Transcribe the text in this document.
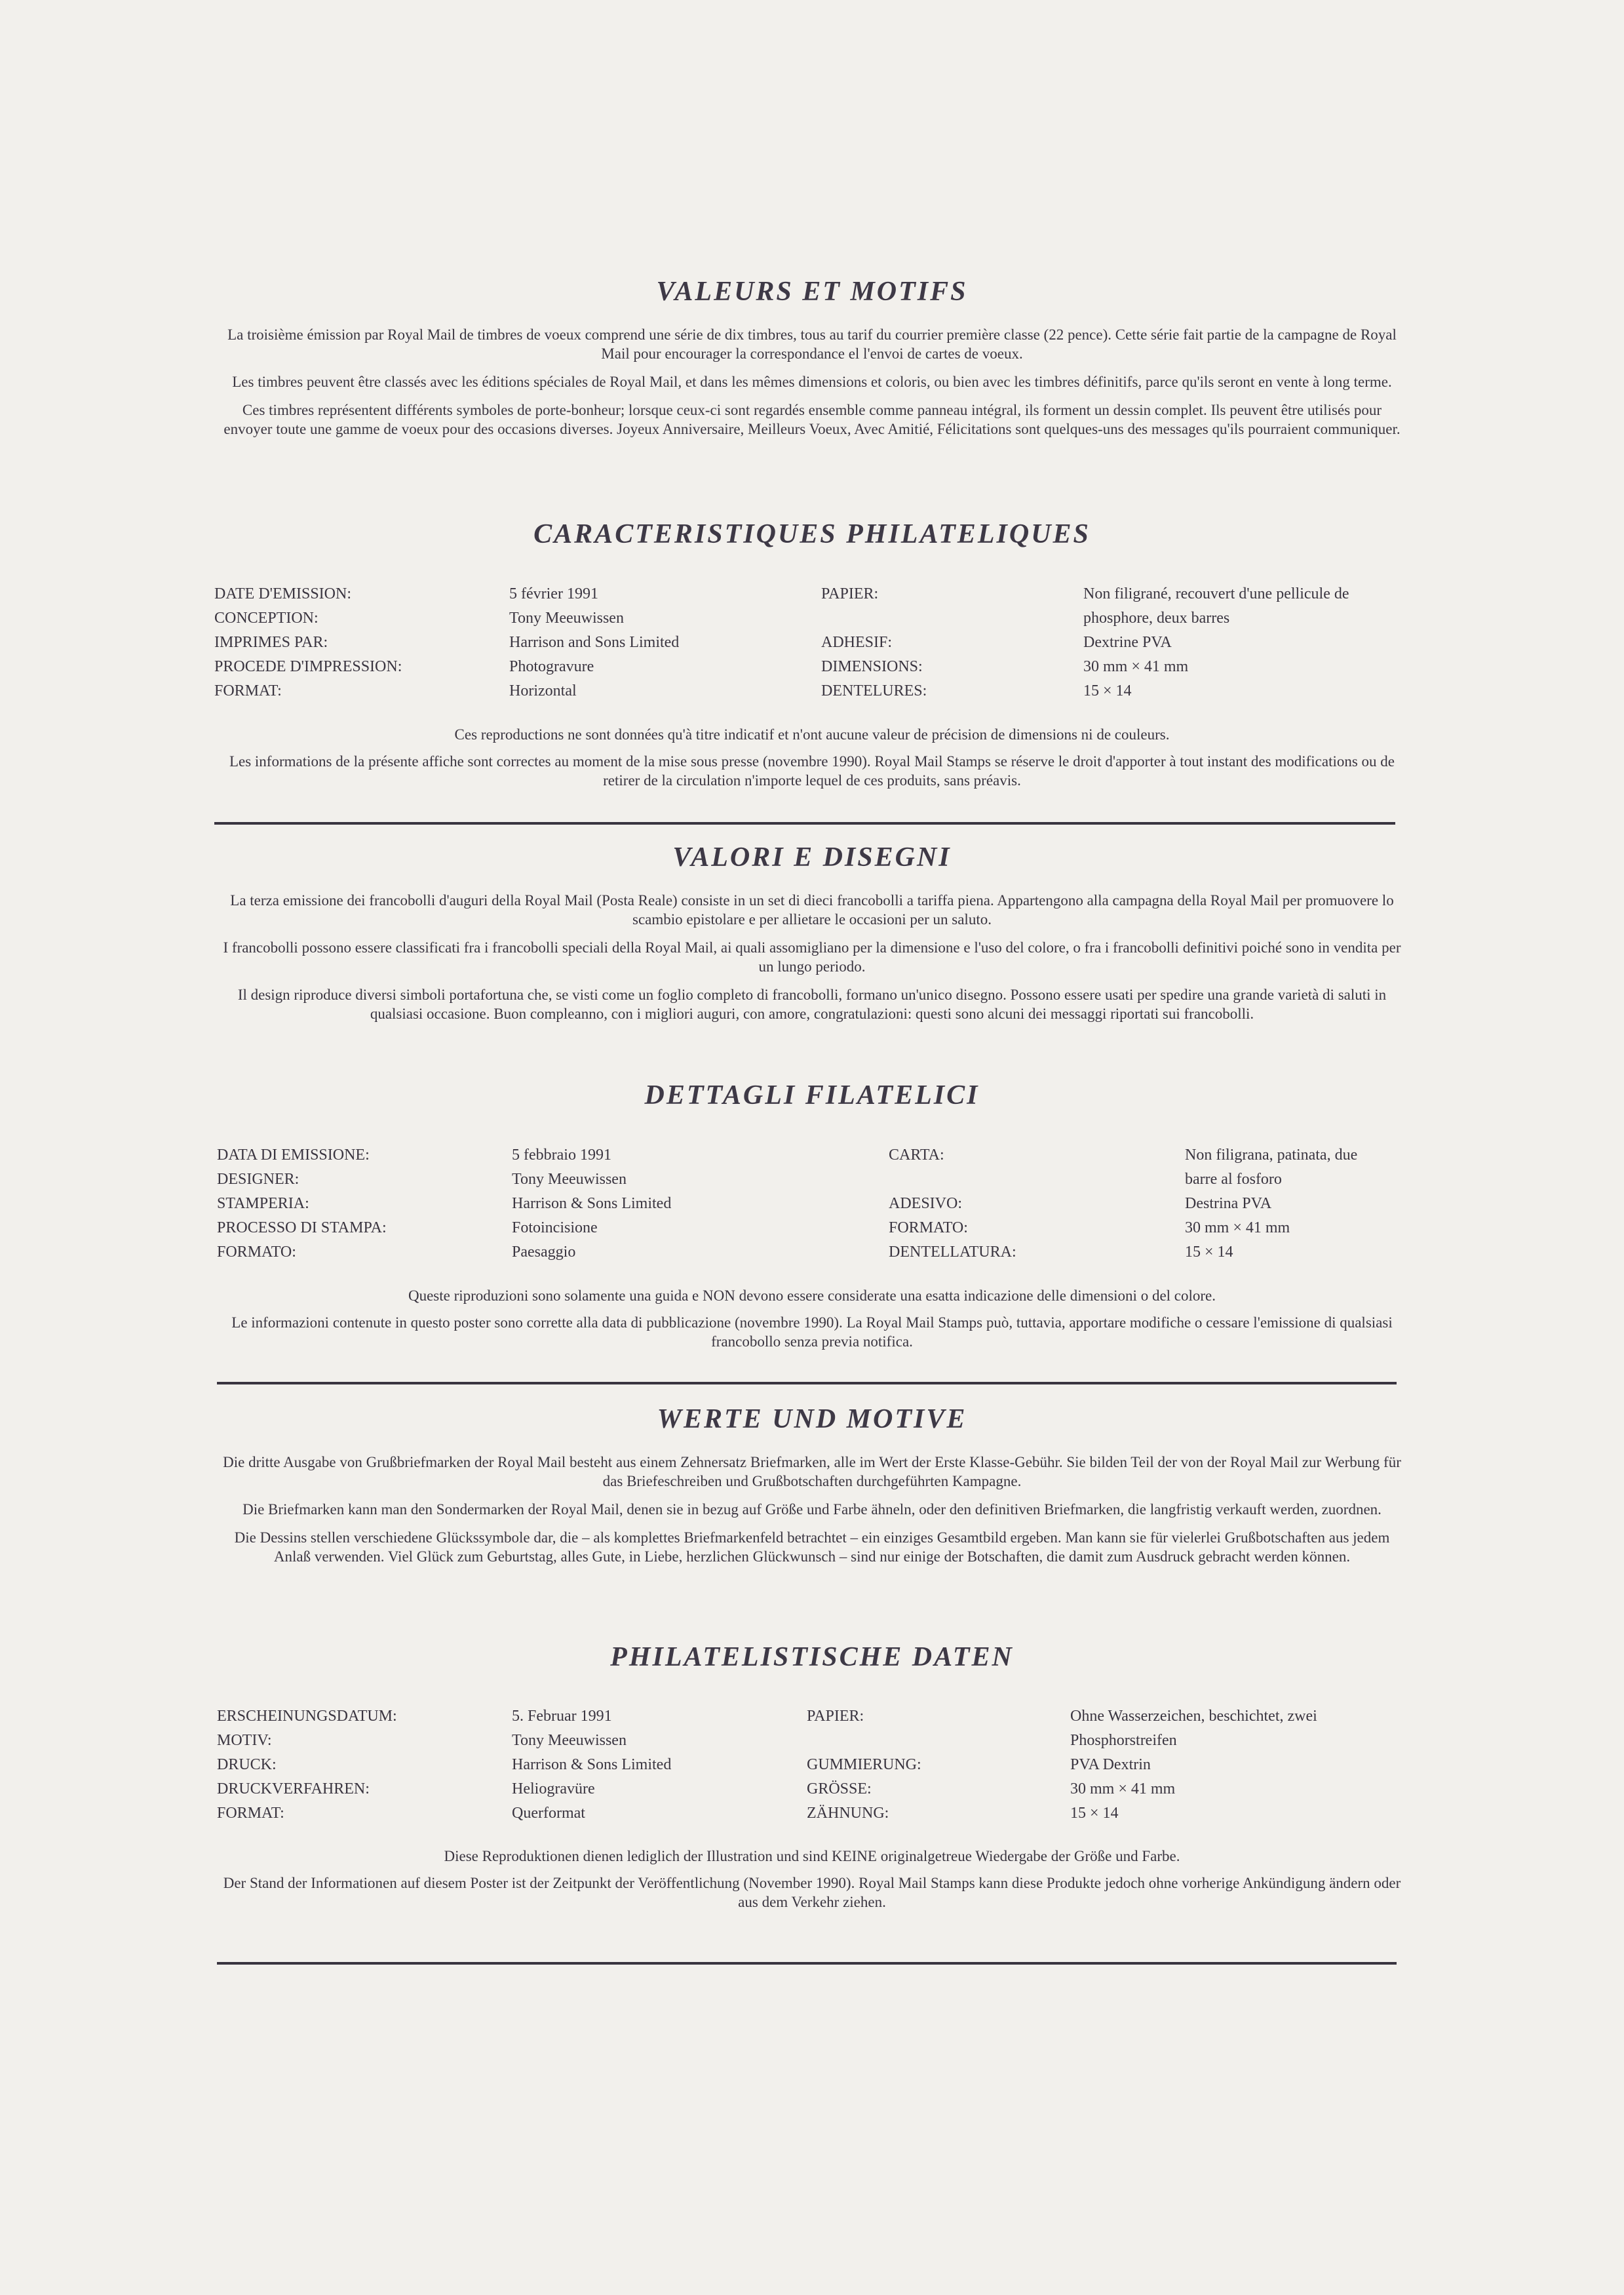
VALEURS ET MOTIFS

La troisième émission par Royal Mail de timbres de voeux comprend une série de dix timbres, tous au tarif du courrier première classe (22 pence). Cette série fait partie de la campagne de Royal Mail pour encourager la correspondance el l'envoi de cartes de voeux.

Les timbres peuvent être classés avec les éditions spéciales de Royal Mail, et dans les mêmes dimensions et coloris, ou bien avec les timbres définitifs, parce qu'ils seront en vente à long terme.

Ces timbres représentent différents symboles de porte-bonheur; lorsque ceux-ci sont regardés ensemble comme panneau intégral, ils forment un dessin complet. Ils peuvent être utilisés pour envoyer toute une gamme de voeux pour des occasions diverses. Joyeux Anniversaire, Meilleurs Voeux, Avec Amitié, Félicitations sont quelques-uns des messages qu'ils pourraient communiquer.

CARACTERISTIQUES PHILATELIQUES
DATE D'EMISSION:
CONCEPTION:
IMPRIMES PAR:
PROCEDE D'IMPRESSION:
FORMAT:
5 février 1991
Tony Meeuwissen
Harrison and Sons Limited
Photogravure
Horizontal
PAPIER:
ADHESIF:
DIMENSIONS:
DENTELURES:
Non filigrané, recouvert d'une pellicule de
phosphore, deux barres
Dextrine PVA
30 mm × 41 mm
15 × 14

Ces reproductions ne sont données qu'à titre indicatif et n'ont aucune valeur de précision de dimensions ni de couleurs.

Les informations de la présente affiche sont correctes au moment de la mise sous presse (novembre 1990). Royal Mail Stamps se réserve le droit d'apporter à tout instant des modifications ou de retirer de la circulation n'importe lequel de ces produits, sans préavis.

VALORI E DISEGNI

La terza emissione dei francobolli d'auguri della Royal Mail (Posta Reale) consiste in un set di dieci francobolli a tariffa piena. Appartengono alla campagna della Royal Mail per promuovere lo scambio epistolare e per allietare le occasioni per un saluto.

I francobolli possono essere classificati fra i francobolli speciali della Royal Mail, ai quali assomigliano per la dimensione e l'uso del colore, o fra i francobolli definitivi poiché sono in vendita per un lungo periodo.

Il design riproduce diversi simboli portafortuna che, se visti come un foglio completo di francobolli, formano un'unico disegno. Possono essere usati per spedire una grande varietà di saluti in qualsiasi occasione. Buon compleanno, con i migliori auguri, con amore, congratulazioni: questi sono alcuni dei messaggi riportati sui francobolli.

DETTAGLI FILATELICI
DATA DI EMISSIONE:
DESIGNER:
STAMPERIA:
PROCESSO DI STAMPA:
FORMATO:
5 febbraio 1991
Tony Meeuwissen
Harrison & Sons Limited
Fotoincisione
Paesaggio
CARTA:
ADESIVO:
FORMATO:
DENTELLATURA:
Non filigrana, patinata, due
barre al fosforo
Destrina PVA
30 mm × 41 mm
15 × 14

Queste riproduzioni sono solamente una guida e NON devono essere considerate una esatta indicazione delle dimensioni o del colore.

Le informazioni contenute in questo poster sono corrette alla data di pubblicazione (novembre 1990). La Royal Mail Stamps può, tuttavia, apportare modifiche o cessare l'emissione di qualsiasi francobollo senza previa notifica.

WERTE UND MOTIVE

Die dritte Ausgabe von Grußbriefmarken der Royal Mail besteht aus einem Zehnersatz Briefmarken, alle im Wert der Erste Klasse-Gebühr. Sie bilden Teil der von der Royal Mail zur Werbung für das Briefeschreiben und Grußbotschaften durchgeführten Kampagne.

Die Briefmarken kann man den Sondermarken der Royal Mail, denen sie in bezug auf Größe und Farbe ähneln, oder den definitiven Briefmarken, die langfristig verkauft werden, zuordnen.

Die Dessins stellen verschiedene Glückssymbole dar, die – als komplettes Briefmarkenfeld betrachtet – ein einziges Gesamtbild ergeben. Man kann sie für vielerlei Grußbotschaften aus jedem Anlaß verwenden. Viel Glück zum Geburtstag, alles Gute, in Liebe, herzlichen Glückwunsch – sind nur einige der Botschaften, die damit zum Ausdruck gebracht werden können.

PHILATELISTISCHE DATEN
ERSCHEINUNGSDATUM:
MOTIV:
DRUCK:
DRUCKVERFAHREN:
FORMAT:
5. Februar 1991
Tony Meeuwissen
Harrison & Sons Limited
Heliogravüre
Querformat
PAPIER:
GUMMIERUNG:
GRÖSSE:
ZÄHNUNG:
Ohne Wasserzeichen, beschichtet, zwei
Phosphorstreifen
PVA Dextrin
30 mm × 41 mm
15 × 14

Diese Reproduktionen dienen lediglich der Illustration und sind KEINE originalgetreue Wiedergabe der Größe und Farbe.

Der Stand der Informationen auf diesem Poster ist der Zeitpunkt der Veröffentlichung (November 1990). Royal Mail Stamps kann diese Produkte jedoch ohne vorherige Ankündigung ändern oder aus dem Verkehr ziehen.
